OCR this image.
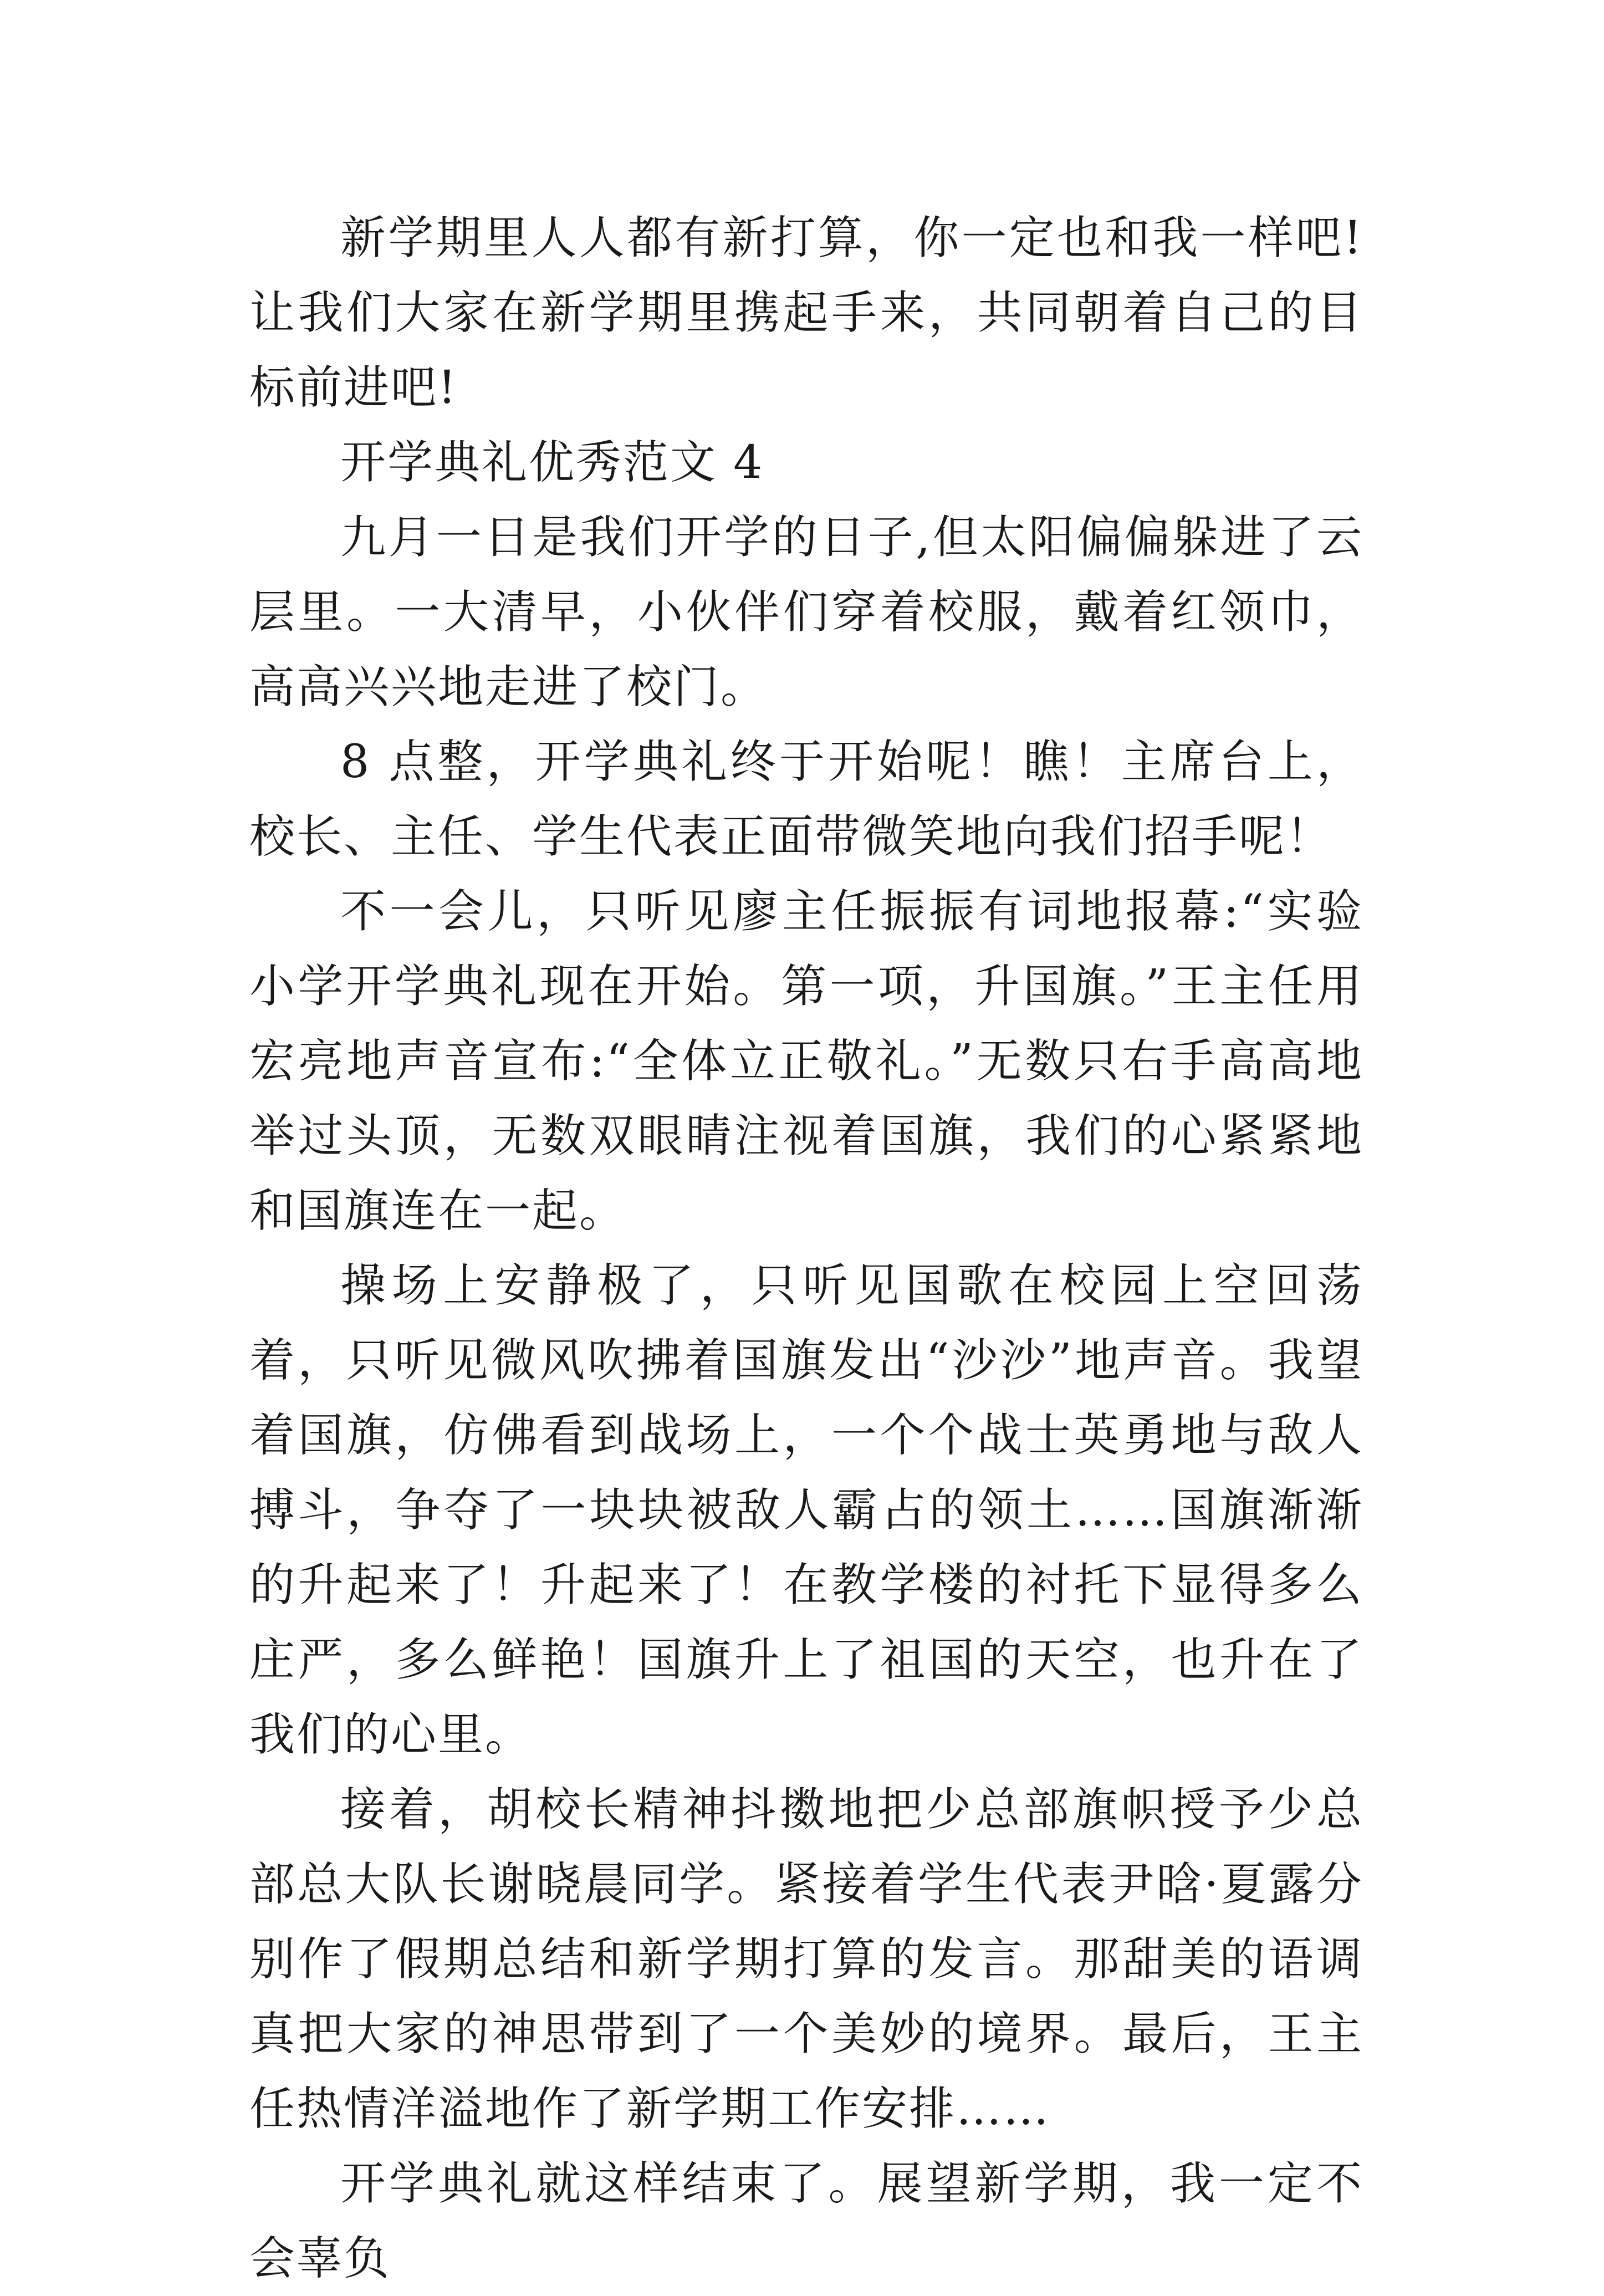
新学期里人人都有新打算，你一定也和我一样吧!让我们大家在新学期里携起手来，共同朝着自己的目标前进吧!

开学典礼优秀范文 4

九月一日是我们开学的日子,但太阳偏偏躲进了云层里。一大清早，小伙伴们穿着校服，戴着红领巾，高高兴兴地走进了校门。

8 点整，开学典礼终于开始呢！瞧！主席台上，校长、主任、学生代表正面带微笑地向我们招手呢！

不一会儿，只听见廖主任振振有词地报幕:“实验小学开学典礼现在开始。第一项，升国旗。”王主任用宏亮地声音宣布:“全体立正敬礼。”无数只右手高高地举过头顶，无数双眼睛注视着国旗，我们的心紧紧地和国旗连在一起。

操场上安静极了，只听见国歌在校园上空回荡着，只听见微风吹拂着国旗发出“沙沙”地声音。我望着国旗，仿佛看到战场上，一个个战士英勇地与敌人搏斗，争夺了一块块被敌人霸占的领土……国旗渐渐的升起来了！升起来了！在教学楼的衬托下显得多么庄严，多么鲜艳！国旗升上了祖国的天空，也升在了我们的心里。

接着，胡校长精神抖擞地把少总部旗帜授予少总部总大队长谢晓晨同学。紧接着学生代表尹晗·夏露分别作了假期总结和新学期打算的发言。那甜美的语调真把大家的神思带到了一个美妙的境界。最后，王主任热情洋溢地作了新学期工作安排……

开学典礼就这样结束了。展望新学期，我一定不会辜负
